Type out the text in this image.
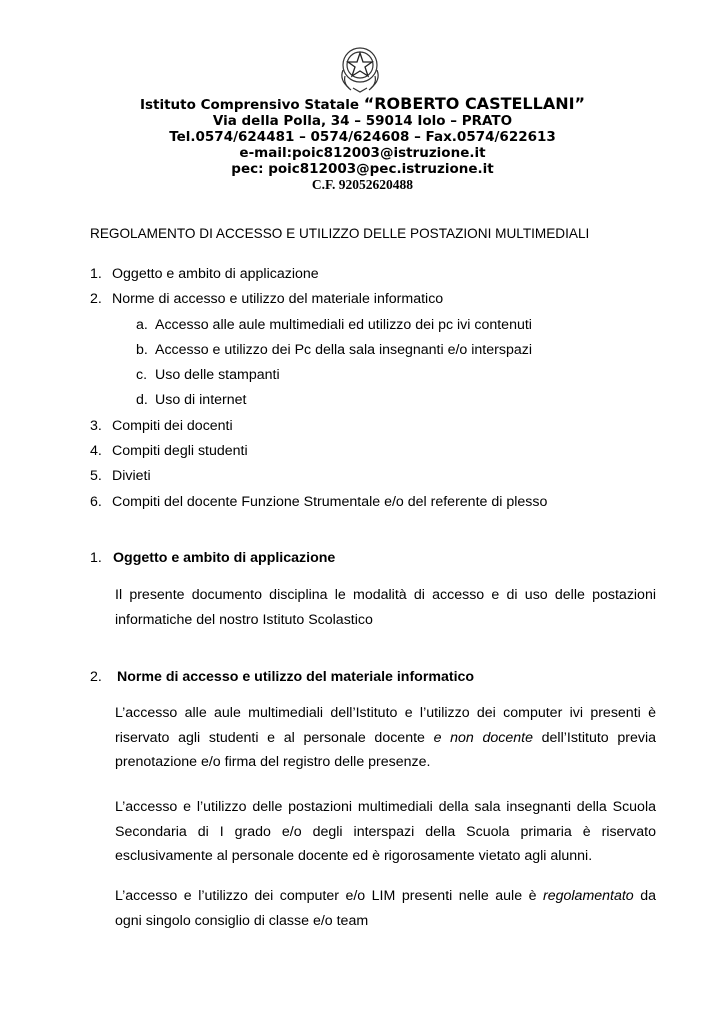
Istituto Comprensivo Statale “ROBERTO CASTELLANI”
Via della Polla, 34 – 59014 Iolo – PRATO
Tel.0574/624481 – 0574/624608 – Fax.0574/622613
e-mail:poic812003@istruzione.it
pec: poic812003@pec.istruzione.it
C.F. 92052620488
REGOLAMENTO DI ACCESSO E UTILIZZO DELLE POSTAZIONI MULTIMEDIALI
1. Oggetto e ambito di applicazione
2. Norme di accesso e utilizzo del materiale informatico
a. Accesso alle aule multimediali ed utilizzo dei pc ivi contenuti
b. Accesso e utilizzo dei Pc della sala insegnanti e/o interspazi
c. Uso delle stampanti
d. Uso di internet
3. Compiti dei docenti
4. Compiti degli studenti
5. Divieti
6. Compiti del docente Funzione Strumentale e/o del referente di plesso
1. Oggetto e ambito di applicazione
Il presente documento disciplina le modalità di accesso e di uso delle postazioni informatiche del nostro Istituto Scolastico
2. Norme di accesso e utilizzo del materiale informatico
L’accesso alle aule multimediali dell’Istituto e l’utilizzo dei computer ivi presenti è riservato agli studenti e al personale docente e non docente dell’Istituto previa prenotazione e/o firma del registro delle presenze.
L’accesso e l’utilizzo delle postazioni multimediali della sala insegnanti della Scuola Secondaria di I grado e/o degli interspazi della Scuola primaria è riservato esclusivamente al personale docente ed è rigorosamente vietato agli alunni.
L’accesso e l’utilizzo dei computer e/o LIM presenti nelle aule è regolamentato da ogni singolo consiglio di classe e/o team
